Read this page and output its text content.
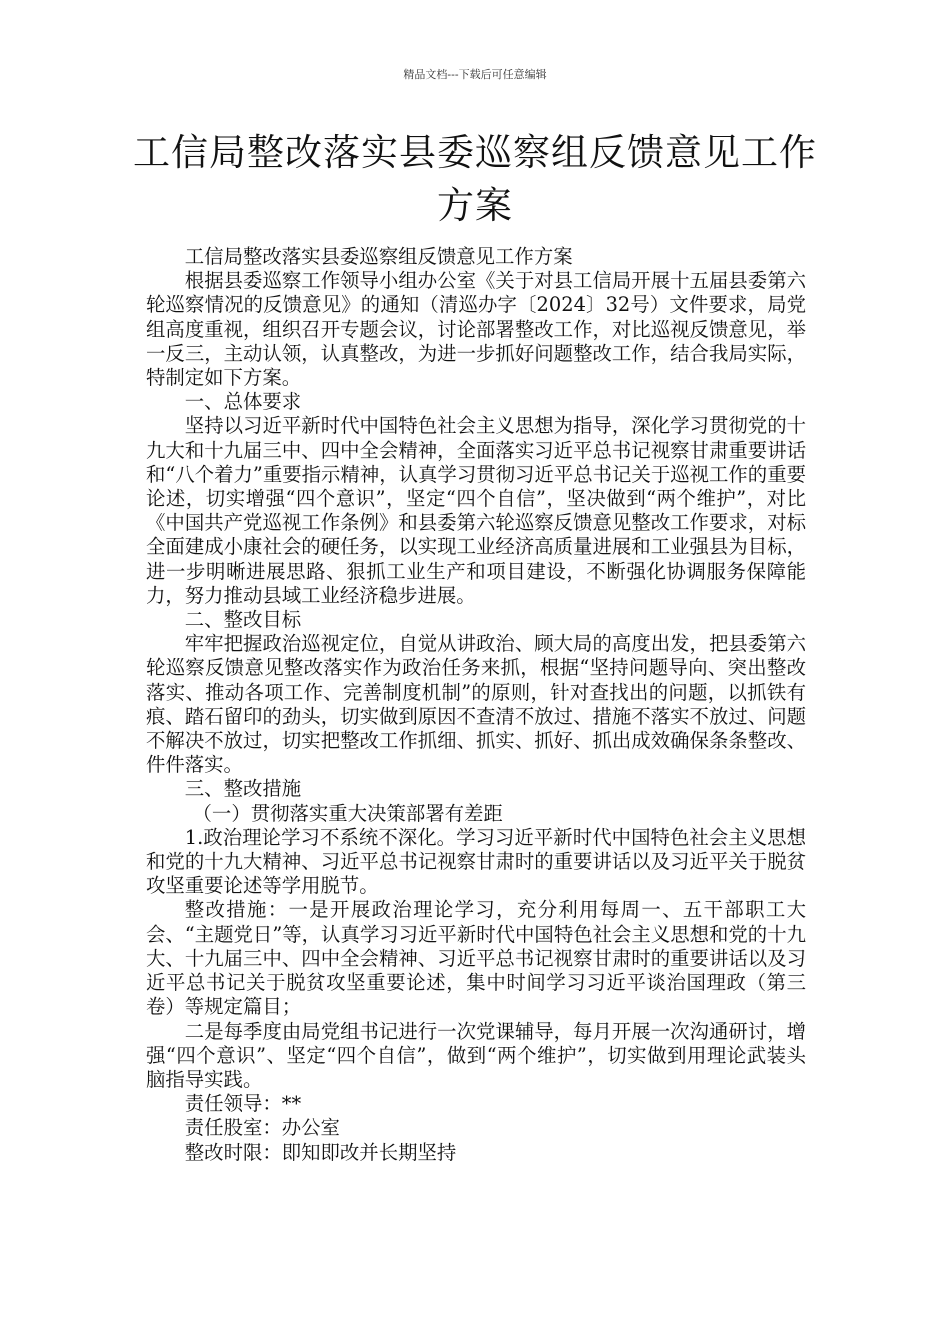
精品文档---下载后可任意编辑
工信局整改落实县委巡察组反馈意见工作方案

工信局整改落实县委巡察组反馈意见工作方案

根据县委巡察工作领导小组办公室《关于对县工信局开展十五届县委第六轮巡察情况的反馈意见》的通知（清巡办字〔2024〕32号）文件要求，局党组高度重视，组织召开专题会议，讨论部署整改工作，对比巡视反馈意见，举一反三，主动认领，认真整改，为进一步抓好问题整改工作，结合我局实际，特制定如下方案。

一、总体要求

坚持以习近平新时代中国特色社会主义思想为指导，深化学习贯彻党的十九大和十九届三中、四中全会精神，全面落实习近平总书记视察甘肃重要讲话和“八个着力”重要指示精神，认真学习贯彻习近平总书记关于巡视工作的重要论述，切实增强“四个意识”，坚定“四个自信”，坚决做到“两个维护”，对比《中国共产党巡视工作条例》和县委第六轮巡察反馈意见整改工作要求，对标全面建成小康社会的硬任务，以实现工业经济高质量进展和工业强县为目标，进一步明晰进展思路、狠抓工业生产和项目建设，不断强化协调服务保障能力，努力推动县域工业经济稳步进展。

二、整改目标

牢牢把握政治巡视定位，自觉从讲政治、顾大局的高度出发，把县委第六轮巡察反馈意见整改落实作为政治任务来抓，根据“坚持问题导向、突出整改落实、推动各项工作、完善制度机制”的原则，针对查找出的问题，以抓铁有痕、踏石留印的劲头，切实做到原因不查清不放过、措施不落实不放过、问题不解决不放过，切实把整改工作抓细、抓实、抓好、抓出成效确保条条整改、件件落实。

三、整改措施

（一）贯彻落实重大决策部署有差距

1.政治理论学习不系统不深化。学习习近平新时代中国特色社会主义思想和党的十九大精神、习近平总书记视察甘肃时的重要讲话以及习近平关于脱贫攻坚重要论述等学用脱节。

整改措施：一是开展政治理论学习，充分利用每周一、五干部职工大会、“主题党日”等，认真学习习近平新时代中国特色社会主义思想和党的十九大、十九届三中、四中全会精神、习近平总书记视察甘肃时的重要讲话以及习近平总书记关于脱贫攻坚重要论述，集中时间学习习近平谈治国理政（第三卷）等规定篇目；

二是每季度由局党组书记进行一次党课辅导，每月开展一次沟通研讨，增强“四个意识”、坚定“四个自信”，做到“两个维护”，切实做到用理论武装头脑指导实践。

责任领导：**

责任股室：办公室

整改时限：即知即改并长期坚持
